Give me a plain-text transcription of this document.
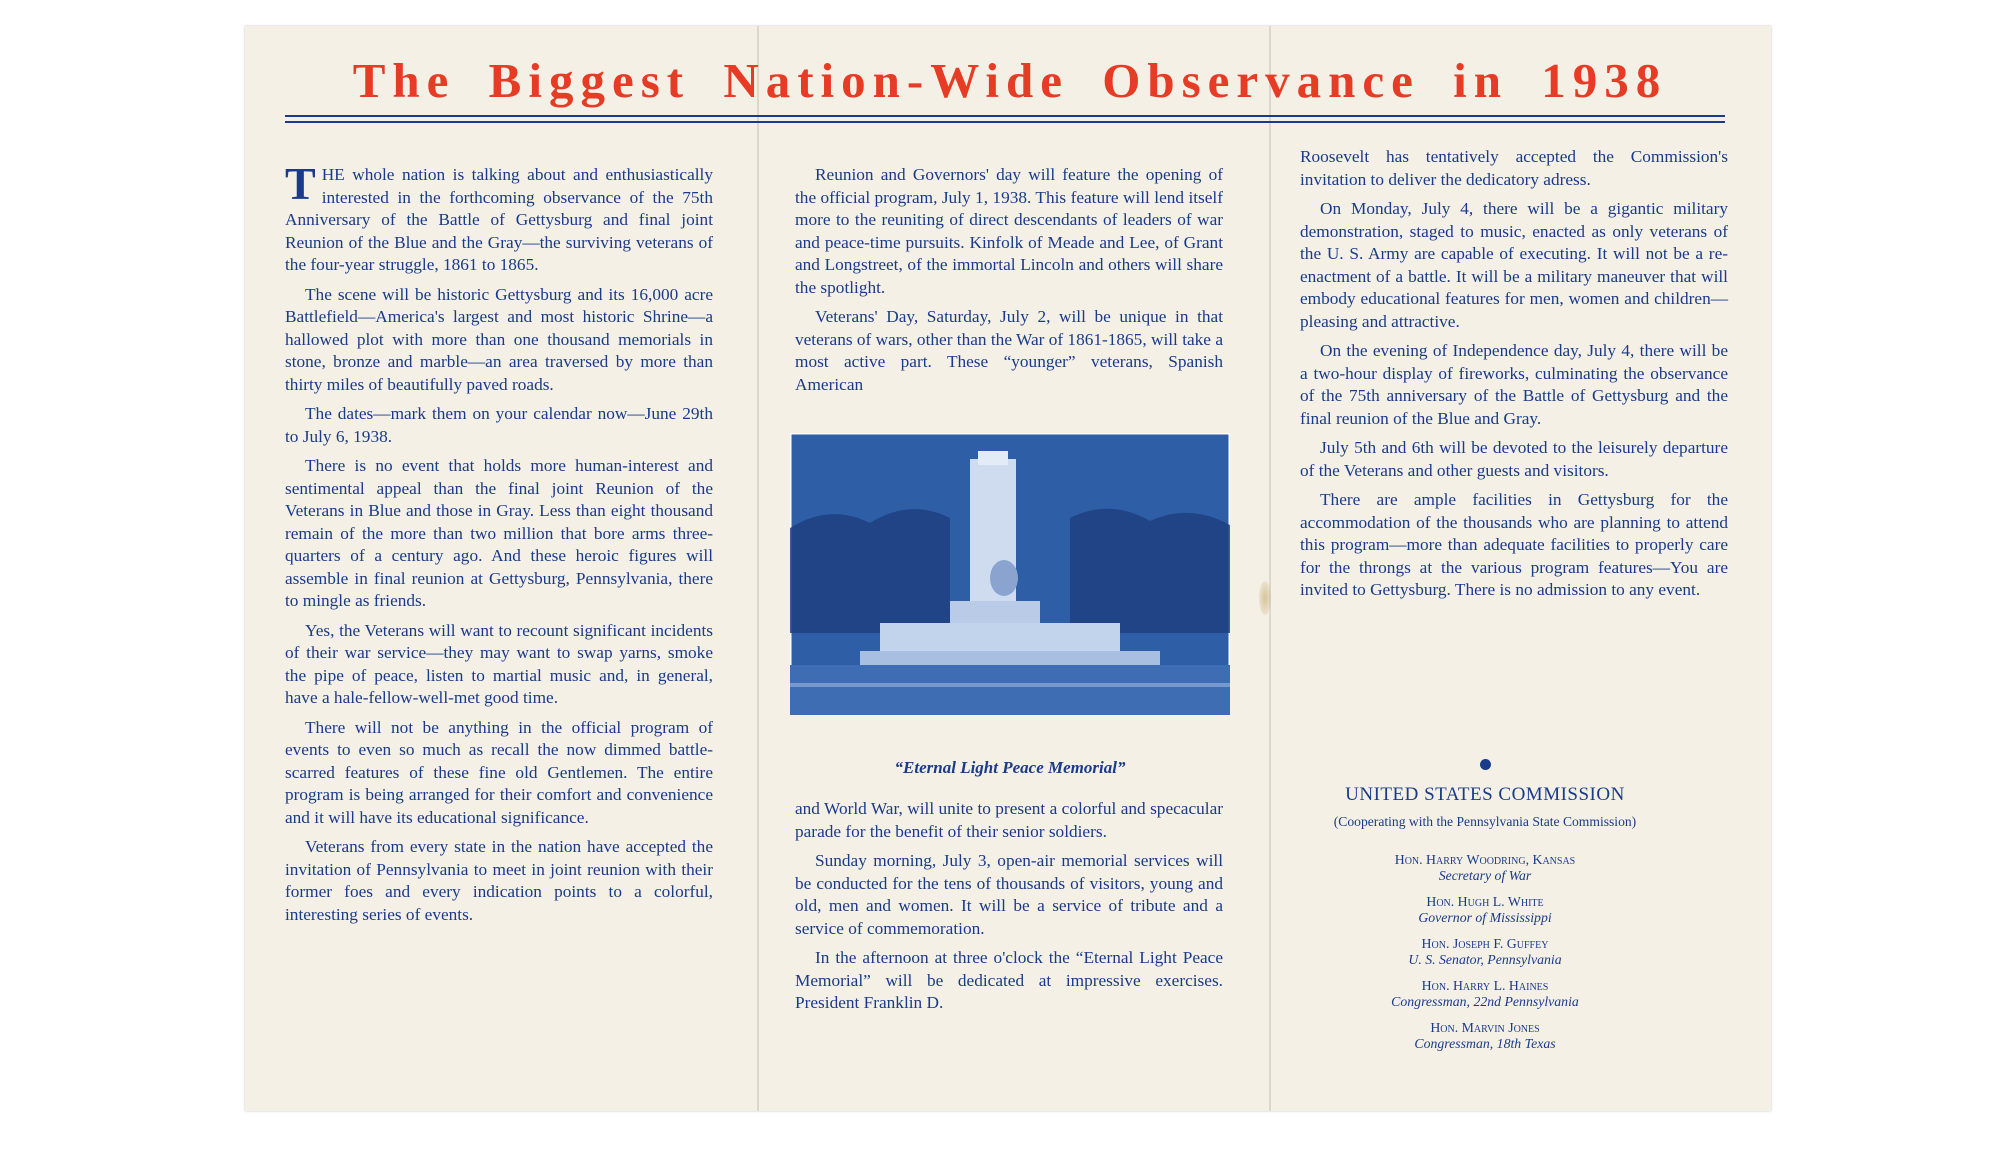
The Biggest Nation-Wide Observance in 1938

THE whole nation is talking about and enthusiastically interested in the forthcoming observance of the 75th Anniversary of the Battle of Gettysburg and final joint Reunion of the Blue and the Gray—the surviving veterans of the four-year struggle, 1861 to 1865.

The scene will be historic Gettysburg and its 16,000 acre Battlefield—America's largest and most historic Shrine—a hallowed plot with more than one thousand memorials in stone, bronze and marble—an area traversed by more than thirty miles of beautifully paved roads.

The dates—mark them on your calendar now—June 29th to July 6, 1938.

There is no event that holds more human-interest and sentimental appeal than the final joint Reunion of the Veterans in Blue and those in Gray. Less than eight thousand remain of the more than two million that bore arms three-quarters of a century ago. And these heroic figures will assemble in final reunion at Gettysburg, Pennsylvania, there to mingle as friends.

Yes, the Veterans will want to recount significant incidents of their war service—they may want to swap yarns, smoke the pipe of peace, listen to martial music and, in general, have a hale-fellow-well-met good time.

There will not be anything in the official program of events to even so much as recall the now dimmed battle-scarred features of these fine old Gentlemen. The entire program is being arranged for their comfort and convenience and it will have its educational significance.

Veterans from every state in the nation have accepted the invitation of Pennsylvania to meet in joint reunion with their former foes and every indication points to a colorful, interesting series of events.

Reunion and Governors' day will feature the opening of the official program, July 1, 1938. This feature will lend itself more to the reuniting of direct descendants of leaders of war and peace-time pursuits. Kinfolk of Meade and Lee, of Grant and Longstreet, of the immortal Lincoln and others will share the spotlight.

Veterans' Day, Saturday, July 2, will be unique in that veterans of wars, other than the War of 1861-1865, will take a most active part. These “younger” veterans, Spanish American

“Eternal Light Peace Memorial”

and World War, will unite to present a colorful and specacular parade for the benefit of their senior soldiers.

Sunday morning, July 3, open-air memorial services will be conducted for the tens of thousands of visitors, young and old, men and women. It will be a service of tribute and a service of commemoration.

In the afternoon at three o'clock the “Eternal Light Peace Memorial” will be dedicated at impressive exercises. President Franklin D.

Roosevelt has tentatively accepted the Commission's invitation to deliver the dedicatory adress.

On Monday, July 4, there will be a gigantic military demonstration, staged to music, enacted as only veterans of the U. S. Army are capable of executing. It will not be a re-enactment of a battle. It will be a military maneuver that will embody educational features for men, women and children—pleasing and attractive.

On the evening of Independence day, July 4, there will be a two-hour display of fireworks, culminating the observance of the 75th anniversary of the Battle of Gettysburg and the final reunion of the Blue and Gray.

July 5th and 6th will be devoted to the leisurely departure of the Veterans and other guests and visitors.

There are ample facilities in Gettysburg for the accommodation of the thousands who are planning to attend this program—more than adequate facilities to properly care for the throngs at the various program features—You are invited to Gettysburg. There is no admission to any event.

UNITED STATES COMMISSION
(Cooperating with the Pennsylvania State Commission)
Hon. Harry Woodring, Kansas
Secretary of War
Hon. Hugh L. White
Governor of Mississippi
Hon. Joseph F. Guffey
U. S. Senator, Pennsylvania
Hon. Harry L. Haines
Congressman, 22nd Pennsylvania
Hon. Marvin Jones
Congressman, 18th Texas
